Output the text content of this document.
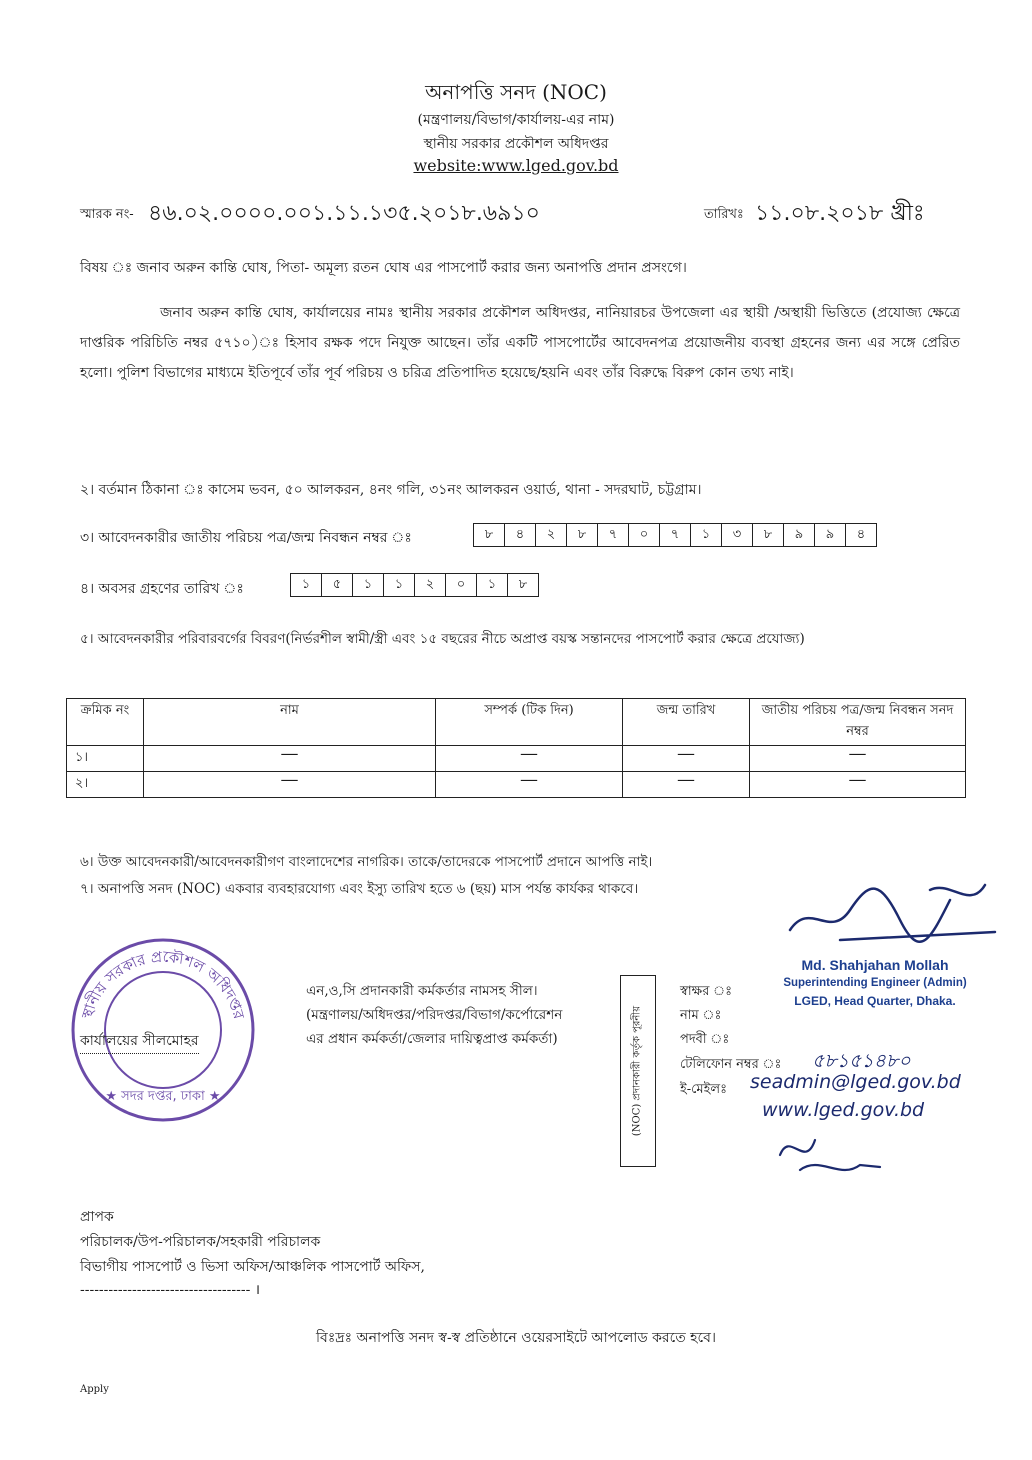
অনাপত্তি সনদ (NOC)
(মন্ত্রণালয়/বিভাগ/কার্যালয়-এর নাম)
স্থানীয় সরকার প্রকৌশল অধিদপ্তর
website:www.lged.gov.bd
স্মারক নং- ৪৬.০২.০০০০.০০১.১১.১৩৫.২০১৮.৬৯১০	তারিখঃ ১১.০৮.২০১৮ খ্রীঃ
বিষয় ঃ জনাব অরুন কান্তি ঘোষ, পিতা- অমূল্য রতন ঘোষ এর পাসপোর্ট করার জন্য অনাপত্তি প্রদান প্রসংগে।
জনাব অরুন কান্তি ঘোষ, কার্যালয়ের নামঃ স্থানীয় সরকার প্রকৌশল অধিদপ্তর, নানিয়ারচর উপজেলা এর স্থায়ী /অস্থায়ী ভিত্তিতে (প্রযোজ্য ক্ষেত্রে দাপ্তরিক পরিচিতি নম্বর ৫৭১০)ঃ হিসাব রক্ষক পদে নিযুক্ত আছেন। তাঁর একটি পাসপোর্টের আবেদনপত্র প্রয়োজনীয় ব্যবস্থা গ্রহনের জন্য এর সঙ্গে প্রেরিত হলো। পুলিশ বিভাগের মাধ্যমে ইতিপূর্বে তাঁর পূর্ব পরিচয় ও চরিত্র প্রতিপাদিত হয়েছে/হয়নি এবং তাঁর বিরুদ্ধে বিরুপ কোন তথ্য নাই।
২। বর্তমান ঠিকানা ঃ কাসেম ভবন, ৫০ আলকরন, ৪নং গলি, ৩১নং আলকরন ওয়ার্ড, থানা - সদরঘাট, চট্টগ্রাম।
৩। আবেদনকারীর জাতীয় পরিচয় পত্র/জন্ম নিবন্ধন নম্বর ঃ	৮	৪	২	৮	৭	০	৭	১	৩	৮	৯	৯	৪
৪। অবসর গ্রহণের তারিখ ঃ	১	৫	১	১	২	০	১	৮
৫। আবেদনকারীর পরিবারবর্গের বিবরণ(নির্ভরশীল স্বামী/স্ত্রী এবং ১৫ বছরের নীচে অপ্রাপ্ত বয়স্ক সন্তানদের পাসপোর্ট করার ক্ষেত্রে প্রযোজ্য)
ক্রমিক নং	নাম	সম্পর্ক (টিক দিন)	জন্ম তারিখ	জাতীয় পরিচয় পত্র/জন্ম নিবন্ধন সনদ নম্বর
১।	—	—	—	—
২।	—	—	—	—
৬। উক্ত আবেদনকারী/আবেদনকারীগণ বাংলাদেশের নাগরিক। তাকে/তাদেরকে পাসপোর্ট প্রদানে আপত্তি নাই।
৭। অনাপত্তি সনদ (NOC) একবার ব্যবহারযোগ্য এবং ইস্যু তারিখ হতে ৬ (ছয়) মাস পর্যন্ত কার্যকর থাকবে।
স্থানীয় সরকার প্রকৌশল অধিদপ্তর
★ সদর দপ্তর, ঢাকা ★
কার্যালয়ের সীলমোহর
এন,ও,সি প্রদানকারী কর্মকর্তার নামসহ সীল।
(মন্ত্রণালয়/অধিদপ্তর/পরিদপ্তর/বিভাগ/কর্পোরেশন
এর প্রধান কর্মকর্তা/জেলার দায়িত্বপ্রাপ্ত কর্মকর্তা)	(NOC) প্রদানকারী কর্তৃক পূরনীয়
স্বাক্ষর ঃ
নাম ঃ
পদবী ঃ
টেলিফোন নম্বর ঃ ৫৮১৫১৪৮০
ই-মেইলঃ seadmin@lged.gov.bd
www.lged.gov.bd
Md. Shahjahan Mollah
Superintending Engineer (Admin)
LGED, Head Quarter, Dhaka.
প্রাপক
পরিচালক/উপ-পরিচালক/সহকারী পরিচালক
বিভাগীয় পাসপোর্ট ও ভিসা অফিস/আঞ্চলিক পাসপোর্ট অফিস,
------------------------------------ ।
বিঃদ্রঃ অনাপত্তি সনদ স্ব-স্ব প্রতিষ্ঠানে ওয়েরসাইটে আপলোড করতে হবে।
Apply
